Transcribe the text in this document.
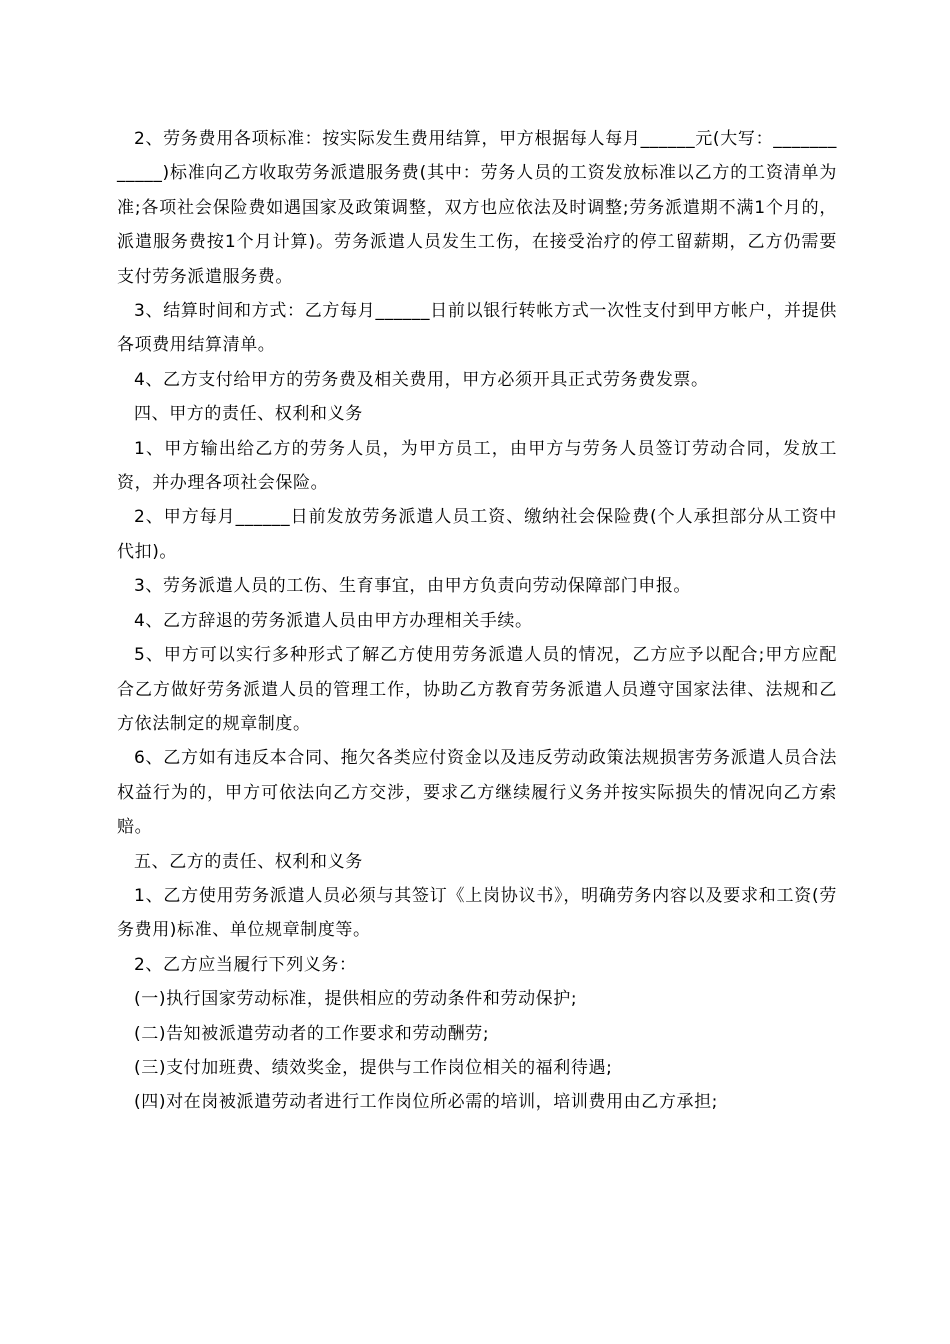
2、劳务费用各项标准：按实际发生费用结算，甲方根据每人每月______元(大写：____________)标准向乙方收取劳务派遣服务费(其中：劳务人员的工资发放标准以乙方的工资清单为准;各项社会保险费如遇国家及政策调整，双方也应依法及时调整;劳务派遣期不满1个月的，派遣服务费按1个月计算)。劳务派遣人员发生工伤，在接受治疗的停工留薪期，乙方仍需要支付劳务派遣服务费。

3、结算时间和方式：乙方每月______日前以银行转帐方式一次性支付到甲方帐户，并提供各项费用结算清单。

4、乙方支付给甲方的劳务费及相关费用，甲方必须开具正式劳务费发票。

四、甲方的责任、权利和义务

1、甲方输出给乙方的劳务人员，为甲方员工，由甲方与劳务人员签订劳动合同，发放工资，并办理各项社会保险。

2、甲方每月______日前发放劳务派遣人员工资、缴纳社会保险费(个人承担部分从工资中代扣)。

3、劳务派遣人员的工伤、生育事宜，由甲方负责向劳动保障部门申报。

4、乙方辞退的劳务派遣人员由甲方办理相关手续。

5、甲方可以实行多种形式了解乙方使用劳务派遣人员的情况，乙方应予以配合;甲方应配合乙方做好劳务派遣人员的管理工作，协助乙方教育劳务派遣人员遵守国家法律、法规和乙方依法制定的规章制度。

6、乙方如有违反本合同、拖欠各类应付资金以及违反劳动政策法规损害劳务派遣人员合法权益行为的，甲方可依法向乙方交涉，要求乙方继续履行义务并按实际损失的情况向乙方索赔。

五、乙方的责任、权利和义务

1、乙方使用劳务派遣人员必须与其签订《上岗协议书》，明确劳务内容以及要求和工资(劳务费用)标准、单位规章制度等。

2、乙方应当履行下列义务：

(一)执行国家劳动标准，提供相应的劳动条件和劳动保护;

(二)告知被派遣劳动者的工作要求和劳动酬劳;

(三)支付加班费、绩效奖金，提供与工作岗位相关的福利待遇;

(四)对在岗被派遣劳动者进行工作岗位所必需的培训，培训费用由乙方承担;
